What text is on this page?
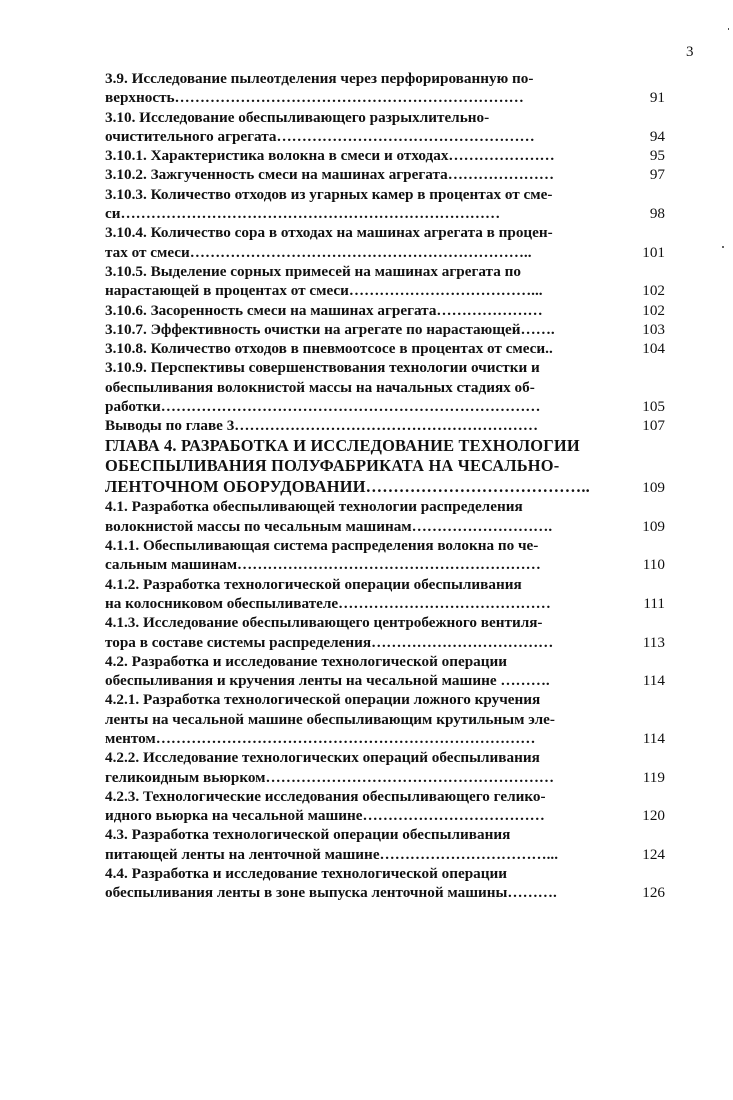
3
3.9. Исследование пылеотделения через перфорированную по-
верхность……………………………………………………………	91
3.10. Исследование обеспыливающего разрыхлительно-
очистительного агрегата……………………………………………	94
3.10.1. Характеристика волокна в смеси и отходах…………………	95
3.10.2. Зажгученность смеси на машинах агрегата…………………	97
3.10.3. Количество отходов из угарных камер в процентах от сме-
си…………………………………………………………………	98
3.10.4. Количество сора в отходах на машинах агрегата в процен-
тах от смеси…………………………………………………………..	101
3.10.5. Выделение сорных примесей на машинах агрегата по
нарастающей в процентах от смеси………………………………...	102
3.10.6. Засоренность смеси на машинах агрегата…………………	102
3.10.7. Эффективность очистки на агрегате по нарастающей…….	103
3.10.8. Количество отходов в пневмоотсосе в процентах от смеси..	104
3.10.9. Перспективы совершенствования технологии очистки и
обеспыливания волокнистой массы на начальных стадиях об-
работки…………………………………………………………………	105
Выводы по главе 3……………………………………………………	107
ГЛАВА 4. РАЗРАБОТКА И ИССЛЕДОВАНИЕ ТЕХНОЛОГИИ
ОБЕСПЫЛИВАНИЯ ПОЛУФАБРИКАТА НА ЧЕСАЛЬНО-
ЛЕНТОЧНОМ ОБОРУДОВАНИИ…………………………………..	109
4.1. Разработка обеспыливающей технологии распределения
волокнистой массы по чесальным машинам……………………….	109
4.1.1. Обеспыливающая система распределения волокна по че-
сальным машинам……………………………………………………	110
4.1.2. Разработка технологической операции обеспыливания
на колосниковом обеспыливателе……………………………………	111
4.1.3. Исследование обеспыливающего центробежного вентиля-
тора в составе системы распределения………………………………	113
4.2. Разработка и исследование технологической операции
обеспыливания и кручения ленты на чесальной машине ……….	114
4.2.1. Разработка технологической операции ложного кручения
ленты на чесальной машине обеспыливающим крутильным эле-
ментом…………………………………………………………………	114
4.2.2. Исследование технологических операций обеспыливания
геликоидным вьюрком…………………………………………………	119
4.2.3. Технологические исследования обеспыливающего гелико-
идного вьюрка на чесальной машине………………………………	120
4.3. Разработка технологической операции обеспыливания
питающей ленты на ленточной машине……………………………...	124
4.4. Разработка и исследование технологической операции
обеспыливания ленты в зоне выпуска ленточной машины……….	126
